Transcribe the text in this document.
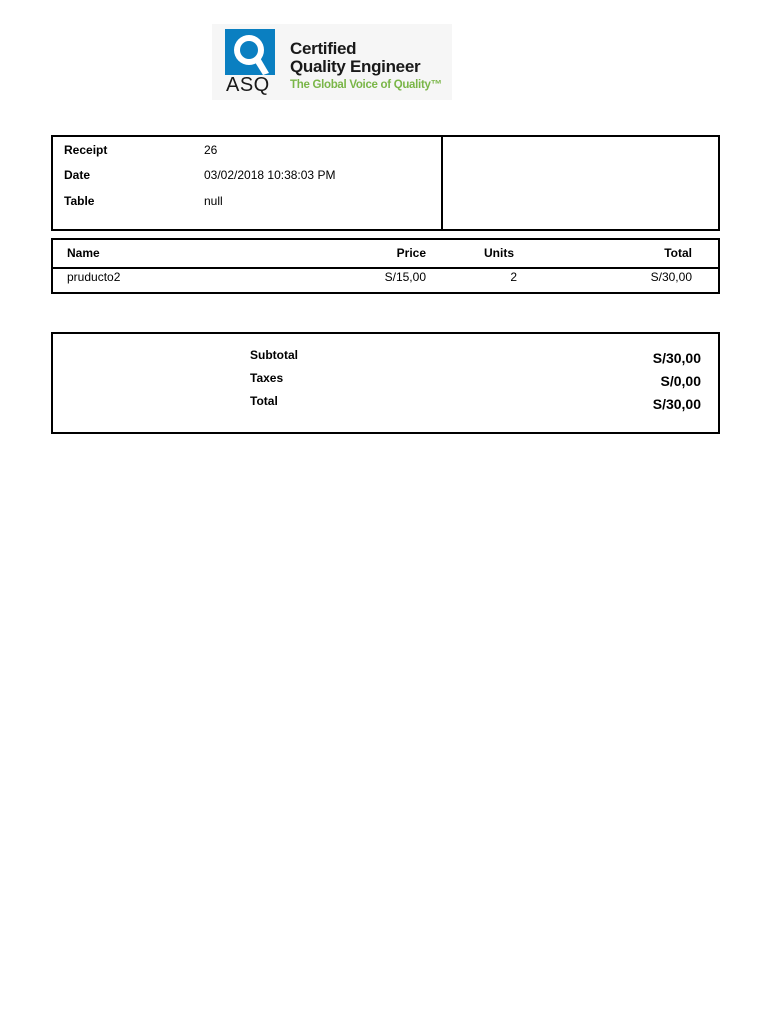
ASQ
Certified
Quality Engineer
The Global Voice of Quality™
Receipt	26
Date	03/02/2018 10:38:03 PM
Table	null
Name	Price	Units	Total
pruducto2	S/15,00	2	S/30,00
Subtotal	S/30,00
Taxes	S/0,00
Total	S/30,00
